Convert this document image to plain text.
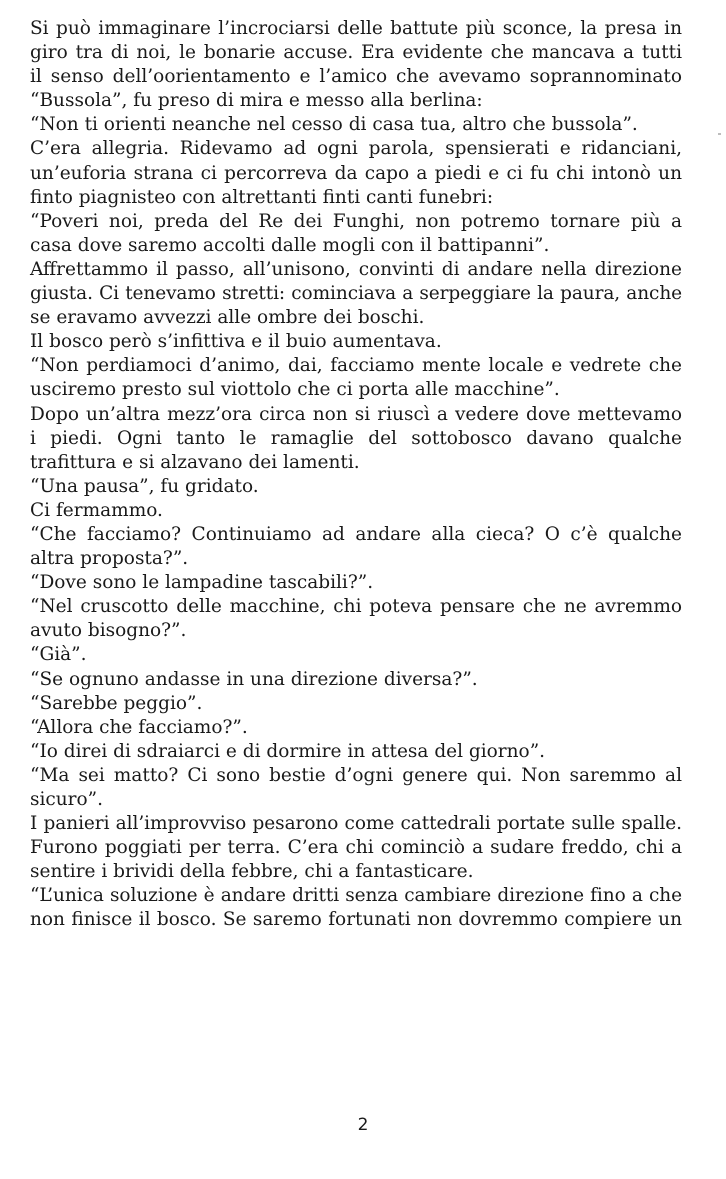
Si può immaginare l’incrociarsi delle battute più sconce, la presa in
giro tra di noi, le bonarie accuse. Era evidente che mancava a tutti
il senso dell’oorientamento e l’amico che avevamo soprannominato
“Bussola”, fu preso di mira e messo alla berlina:
“Non ti orienti neanche nel cesso di casa tua, altro che bussola”.
C’era allegria. Ridevamo ad ogni parola, spensierati e ridanciani,
un’euforia strana ci percorreva da capo a piedi e ci fu chi intonò un
finto piagnisteo con altrettanti finti canti funebri:
“Poveri noi, preda del Re dei Funghi, non potremo tornare più a
casa dove saremo accolti dalle mogli con il battipanni”.
Affrettammo il passo, all’unisono, convinti di andare nella direzione
giusta. Ci tenevamo stretti: cominciava a serpeggiare la paura, anche
se eravamo avvezzi alle ombre dei boschi.
Il bosco però s’infittiva e il buio aumentava.
“Non perdiamoci d’animo, dai, facciamo mente locale e vedrete che
usciremo presto sul viottolo che ci porta alle macchine”.
Dopo un’altra mezz’ora circa non si riuscì a vedere dove mettevamo
i piedi. Ogni tanto le ramaglie del sottobosco davano qualche
trafittura e si alzavano dei lamenti.
“Una pausa”, fu gridato.
Ci fermammo.
“Che facciamo? Continuiamo ad andare alla cieca? O c’è qualche
altra proposta?”.
“Dove sono le lampadine tascabili?”.
“Nel cruscotto delle macchine, chi poteva pensare che ne avremmo
avuto bisogno?”.
“Già”.
“Se ognuno andasse in una direzione diversa?”.
“Sarebbe peggio”.
“Allora che facciamo?”.
“Io direi di sdraiarci e di dormire in attesa del giorno”.
“Ma sei matto? Ci sono bestie d’ogni genere qui. Non saremmo al
sicuro”.
I panieri all’improvviso pesarono come cattedrali portate sulle spalle.
Furono poggiati per terra. C’era chi cominciò a sudare freddo, chi a
sentire i brividi della febbre, chi a fantasticare.
“L’unica soluzione è andare dritti senza cambiare direzione fino a che
non finisce il bosco. Se saremo fortunati non dovremmo compiere un
2
